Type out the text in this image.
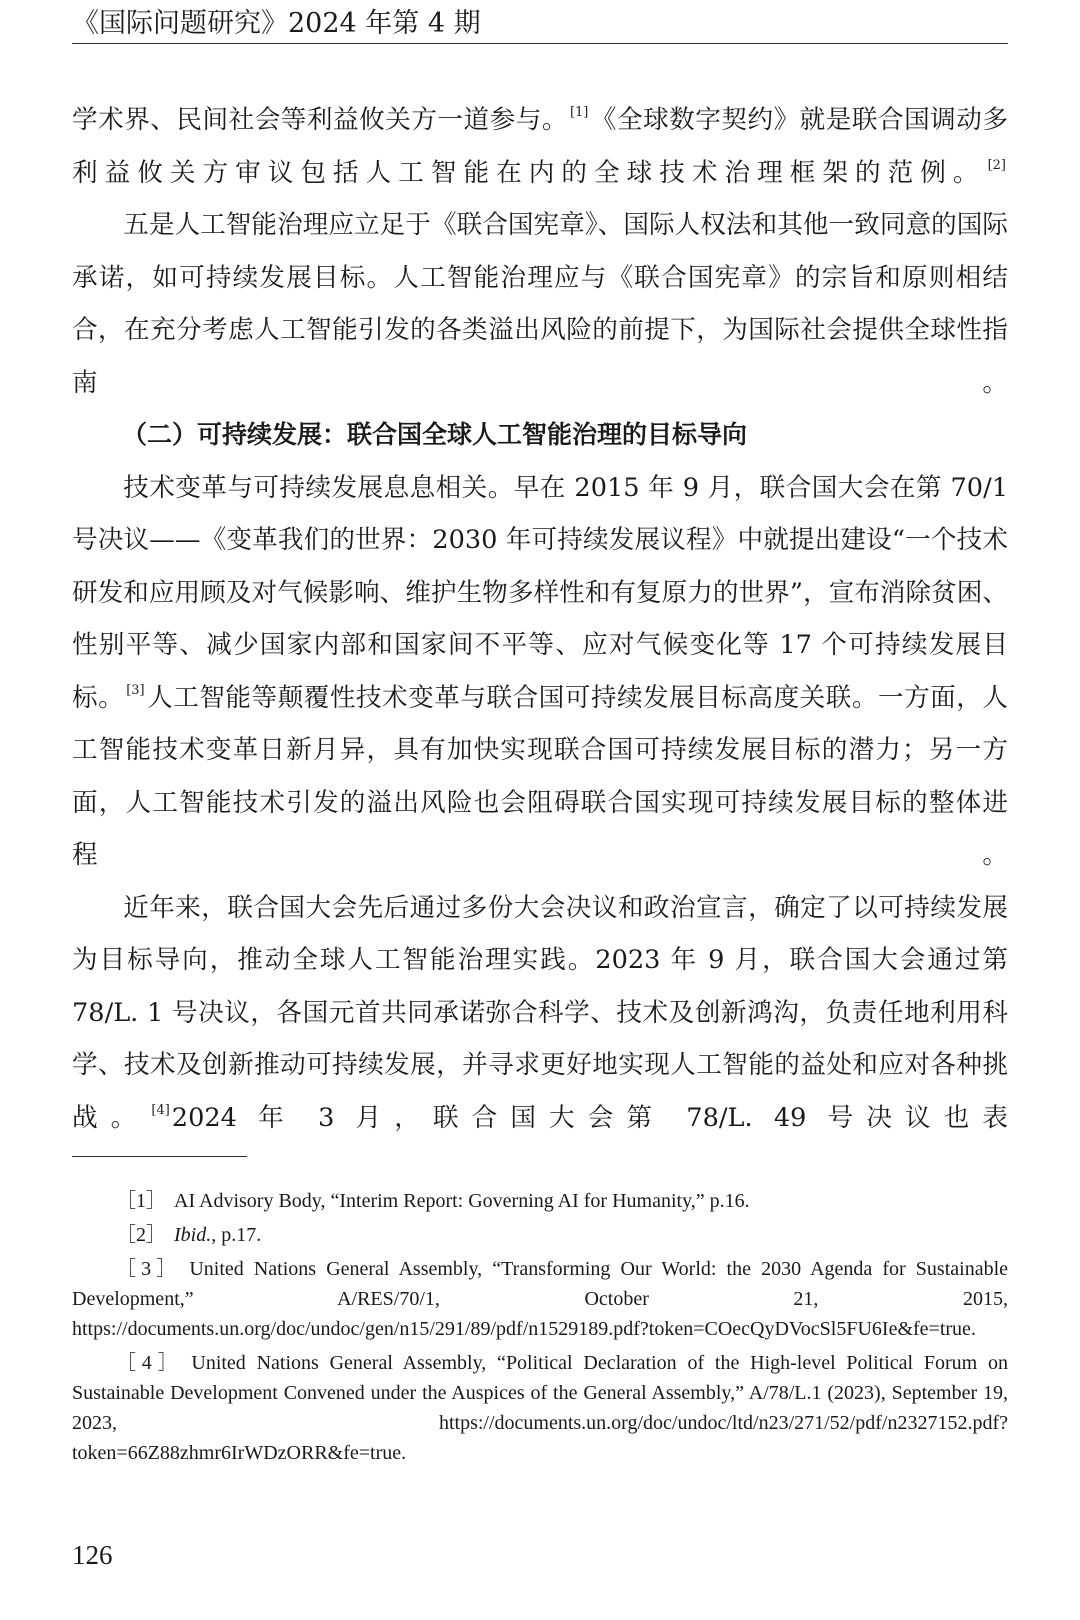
《国际问题研究》2024 年第 4 期

学术界、民间社会等利益攸关方一道参与。 [1]《全球数字契约》就是联合国调动多利益攸关方审议包括人工智能在内的全球技术治理框架的范例。 [2]

五是人工智能治理应立足于《联合国宪章》、国际人权法和其他一致同意的国际承诺，如可持续发展目标。人工智能治理应与《联合国宪章》的宗旨和原则相结合，在充分考虑人工智能引发的各类溢出风险的前提下，为国际社会提供全球性指南。

（二）可持续发展：联合国全球人工智能治理的目标导向

技术变革与可持续发展息息相关。早在 2015 年 9 月，联合国大会在第 70/1 号决议——《变革我们的世界：2030 年可持续发展议程》中就提出建设“一个技术研发和应用顾及对气候影响、维护生物多样性和有复原力的世界”，宣布消除贫困、性别平等、减少国家内部和国家间不平等、应对气候变化等 17 个可持续发展目标。 [3]人工智能等颠覆性技术变革与联合国可持续发展目标高度关联。一方面，人工智能技术变革日新月异，具有加快实现联合国可持续发展目标的潜力；另一方面，人工智能技术引发的溢出风险也会阻碍联合国实现可持续发展目标的整体进程。

近年来，联合国大会先后通过多份大会决议和政治宣言，确定了以可持续发展为目标导向，推动全球人工智能治理实践。2023 年 9 月，联合国大会通过第 78/L. 1 号决议，各国元首共同承诺弥合科学、技术及创新鸿沟，负责任地利用科学、技术及创新推动可持续发展，并寻求更好地实现人工智能的益处和应对各种挑战。 [4]2024 年 3 月，联合国大会第 78/L. 49 号决议也表

［1］ AI Advisory Body, “Interim Report: Governing AI for Humanity,” p.16.

［2］ Ibid., p.17.

［3］ United Nations General Assembly, “Transforming Our World: the 2030 Agenda for Sustainable Development,” A/RES/70/1, October 21, 2015, https://documents.un.org/doc/undoc/gen/n15/291/89/pdf/n1529189.pdf?token=COecQyDVocSl5FU6Ie&fe=true.

［4］ United Nations General Assembly, “Political Declaration of the High-level Political Forum on Sustainable Development Convened under the Auspices of the General Assembly,” A/78/L.1 (2023), September 19, 2023, https://documents.un.org/doc/undoc/ltd/n23/271/52/pdf/n2327152.pdf?token=66Z88zhmr6IrWDzORR&fe=true.

126
